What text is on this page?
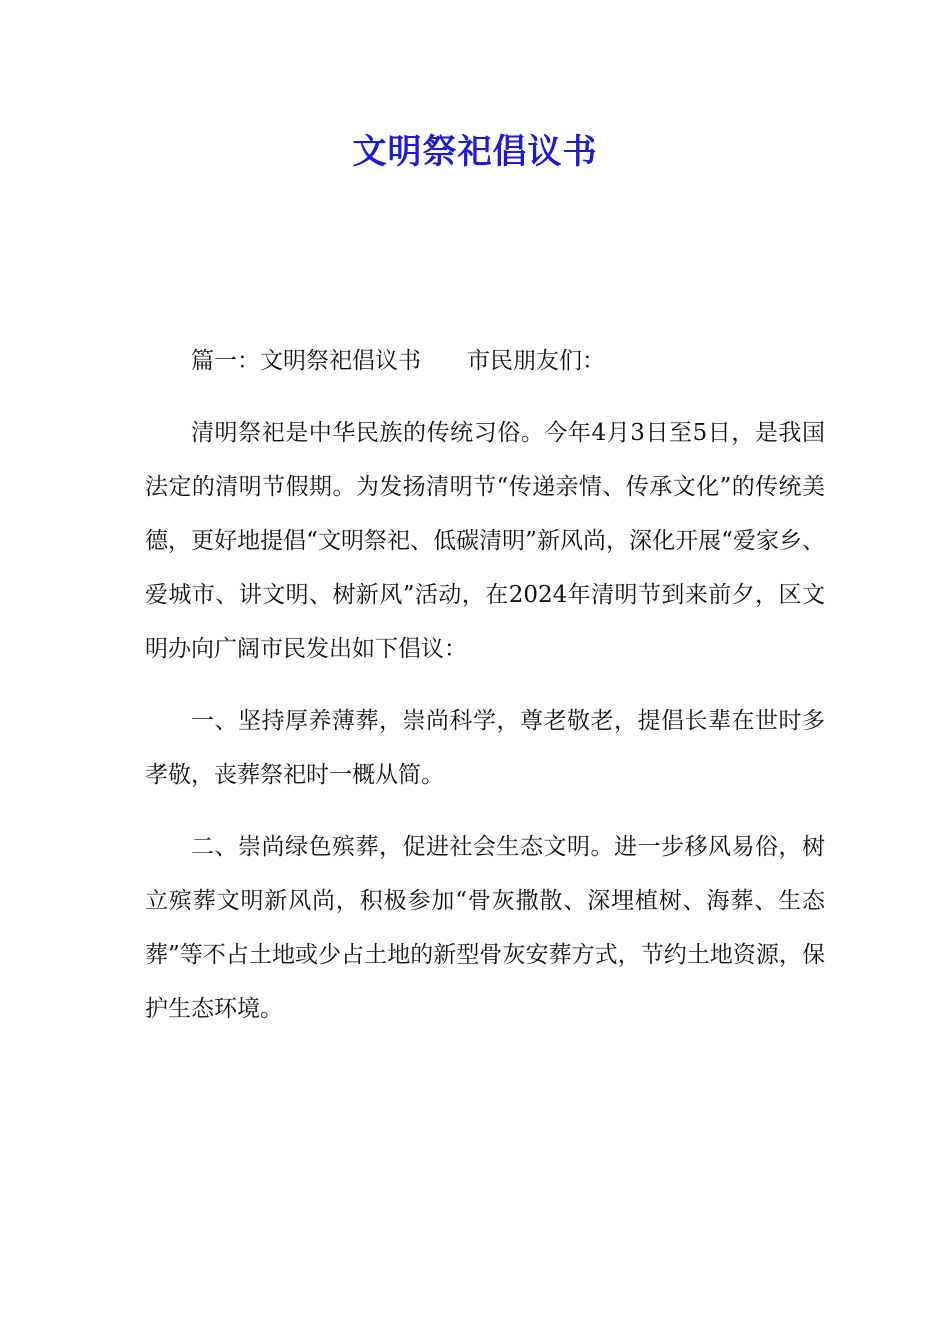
文明祭祀倡议书

篇一：文明祭祀倡议书 市民朋友们：

清明祭祀是中华民族的传统习俗。今年4月3日至5日，是我国法定的清明节假期。为发扬清明节“传递亲情、传承文化”的传统美德，更好地提倡“文明祭祀、低碳清明”新风尚，深化开展“爱家乡、爱城市、讲文明、树新风”活动，在2024年清明节到来前夕，区文明办向广阔市民发出如下倡议：

一、坚持厚养薄葬，崇尚科学，尊老敬老，提倡长辈在世时多孝敬，丧葬祭祀时一概从简。

二、崇尚绿色殡葬，促进社会生态文明。进一步移风易俗，树立殡葬文明新风尚，积极参加“骨灰撒散、深埋植树、海葬、生态葬”等不占土地或少占土地的新型骨灰安葬方式，节约土地资源，保护生态环境。
